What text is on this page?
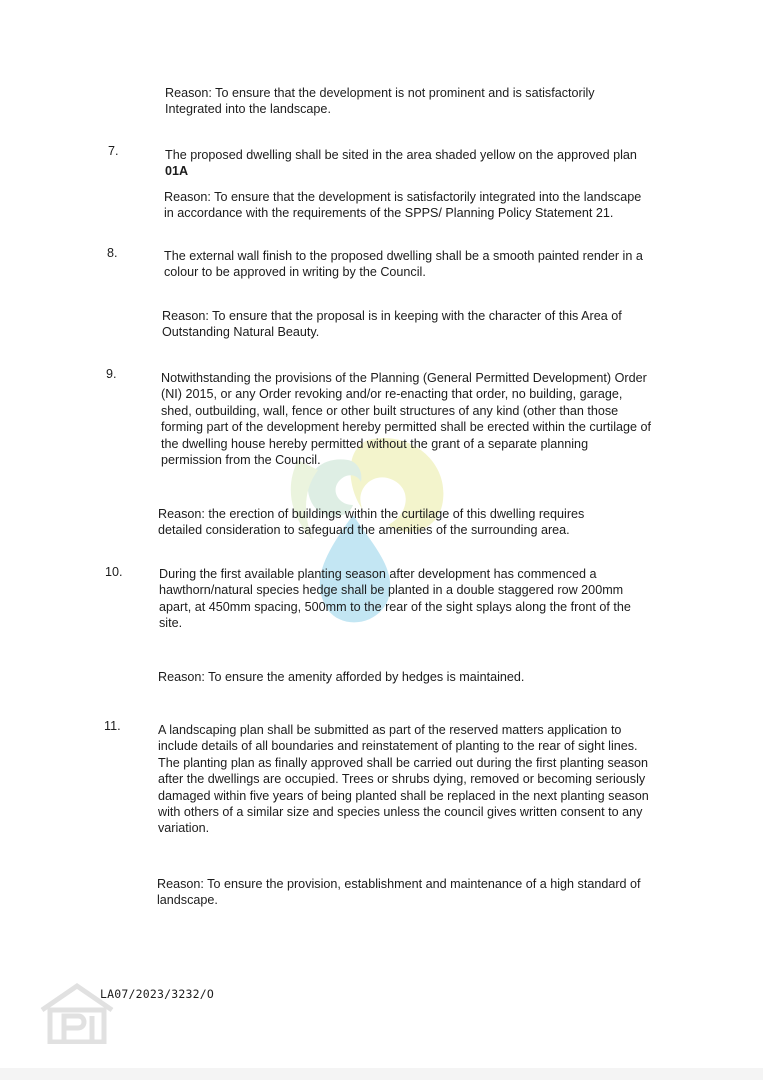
Reason: To ensure that the development is not prominent and is satisfactorily
Integrated into the landscape.
7.	The proposed dwelling shall be sited in the area shaded yellow on the approved plan
01A
Reason: To ensure that the development is satisfactorily integrated into the landscape
in accordance with the requirements of the SPPS/ Planning Policy Statement 21.
8.	The external wall finish to the proposed dwelling shall be a smooth painted render in a
colour to be approved in writing by the Council.
Reason: To ensure that the proposal is in keeping with the character of this Area of
Outstanding Natural Beauty.
9.	Notwithstanding the provisions of the Planning (General Permitted Development) Order
(NI) 2015, or any Order revoking and/or re-enacting that order, no building, garage,
shed, outbuilding, wall, fence or other built structures of any kind (other than those
forming part of the development hereby permitted shall be erected within the curtilage of
the dwelling house hereby permitted without the grant of a separate planning
permission from the Council.
Reason: the erection of buildings within the curtilage of this dwelling requires
detailed consideration to safeguard the amenities of the surrounding area.
10.	During the first available planting season after development has commenced a
hawthorn/natural species hedge shall be planted in a double staggered row 200mm
apart, at 450mm spacing, 500mm to the rear of the sight splays along the front of the
site.
Reason: To ensure the amenity afforded by hedges is maintained.
11.	A landscaping plan shall be submitted as part of the reserved matters application to
include details of all boundaries and reinstatement of planting to the rear of sight lines.
The planting plan as finally approved shall be carried out during the first planting season
after the dwellings are occupied. Trees or shrubs dying, removed or becoming seriously
damaged within five years of being planted shall be replaced in the next planting season
with others of a similar size and species unless the council gives written consent to any
variation.
Reason: To ensure the provision, establishment and maintenance of a high standard of
landscape.
LA07/2023/3232/O
